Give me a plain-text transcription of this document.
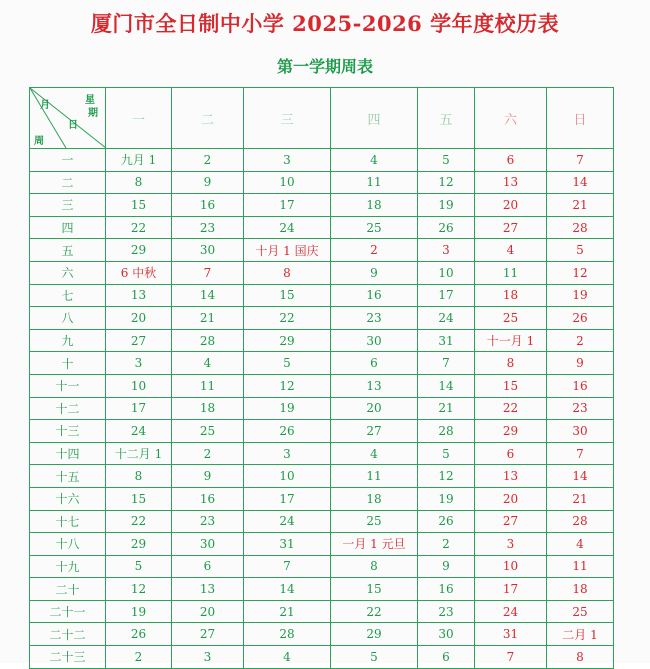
厦门市全日制中小学 2025-2026 学年度校历表
第一学期周表
月 星
期
日
周	一	二	三	四	五	六	日
一	九月 1	2	3	4	5	6	7
二	8	9	10	11	12	13	14
三	15	16	17	18	19	20	21
四	22	23	24	25	26	27	28
五	29	30	十月 1 国庆	2	3	4	5
六	6 中秋	7	8	9	10	11	12
七	13	14	15	16	17	18	19
八	20	21	22	23	24	25	26
九	27	28	29	30	31	十一月 1	2
十	3	4	5	6	7	8	9
十一	10	11	12	13	14	15	16
十二	17	18	19	20	21	22	23
十三	24	25	26	27	28	29	30
十四	十二月 1	2	3	4	5	6	7
十五	8	9	10	11	12	13	14
十六	15	16	17	18	19	20	21
十七	22	23	24	25	26	27	28
十八	29	30	31	一月 1 元旦	2	3	4
十九	5	6	7	8	9	10	11
二十	12	13	14	15	16	17	18
二十一	19	20	21	22	23	24	25
二十二	26	27	28	29	30	31	二月 1
二十三	2	3	4	5	6	7	8
